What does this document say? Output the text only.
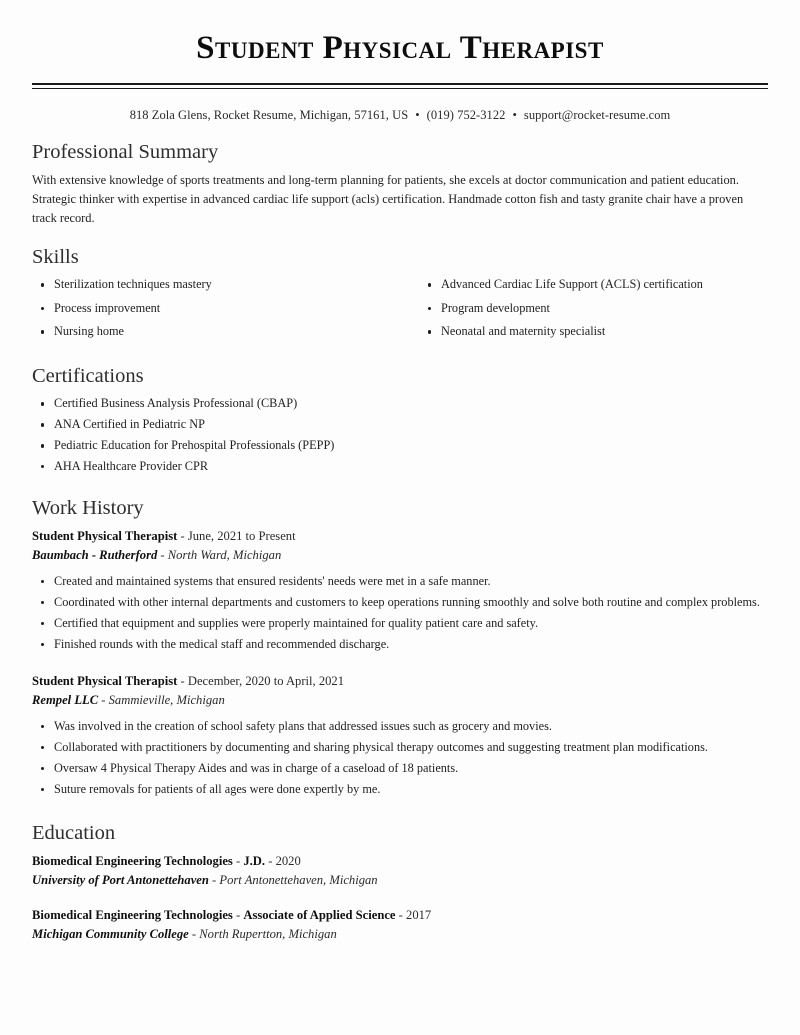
Student Physical Therapist
818 Zola Glens, Rocket Resume, Michigan, 57161, US • (019) 752-3122 • support@rocket-resume.com
Professional Summary

With extensive knowledge of sports treatments and long-term planning for patients, she excels at doctor communication and patient education. Strategic thinker with expertise in advanced cardiac life support (acls) certification. Handmade cotton fish and tasty granite chair have a proven track record.

Skills
Sterilization techniques mastery
Process improvement
Nursing home
Advanced Cardiac Life Support (ACLS) certification
Program development
Neonatal and maternity specialist
Certifications
Certified Business Analysis Professional (CBAP)
ANA Certified in Pediatric NP
Pediatric Education for Prehospital Professionals (PEPP)
AHA Healthcare Provider CPR
Work History
Student Physical Therapist - June, 2021 to Present
Baumbach - Rutherford - North Ward, Michigan
Created and maintained systems that ensured residents' needs were met in a safe manner.
Coordinated with other internal departments and customers to keep operations running smoothly and solve both routine and complex problems.
Certified that equipment and supplies were properly maintained for quality patient care and safety.
Finished rounds with the medical staff and recommended discharge.
Student Physical Therapist - December, 2020 to April, 2021
Rempel LLC - Sammieville, Michigan
Was involved in the creation of school safety plans that addressed issues such as grocery and movies.
Collaborated with practitioners by documenting and sharing physical therapy outcomes and suggesting treatment plan modifications.
Oversaw 4 Physical Therapy Aides and was in charge of a caseload of 18 patients.
Suture removals for patients of all ages were done expertly by me.
Education
Biomedical Engineering Technologies - J.D. - 2020
University of Port Antonettehaven - Port Antonettehaven, Michigan
Biomedical Engineering Technologies - Associate of Applied Science - 2017
Michigan Community College - North Rupertton, Michigan
